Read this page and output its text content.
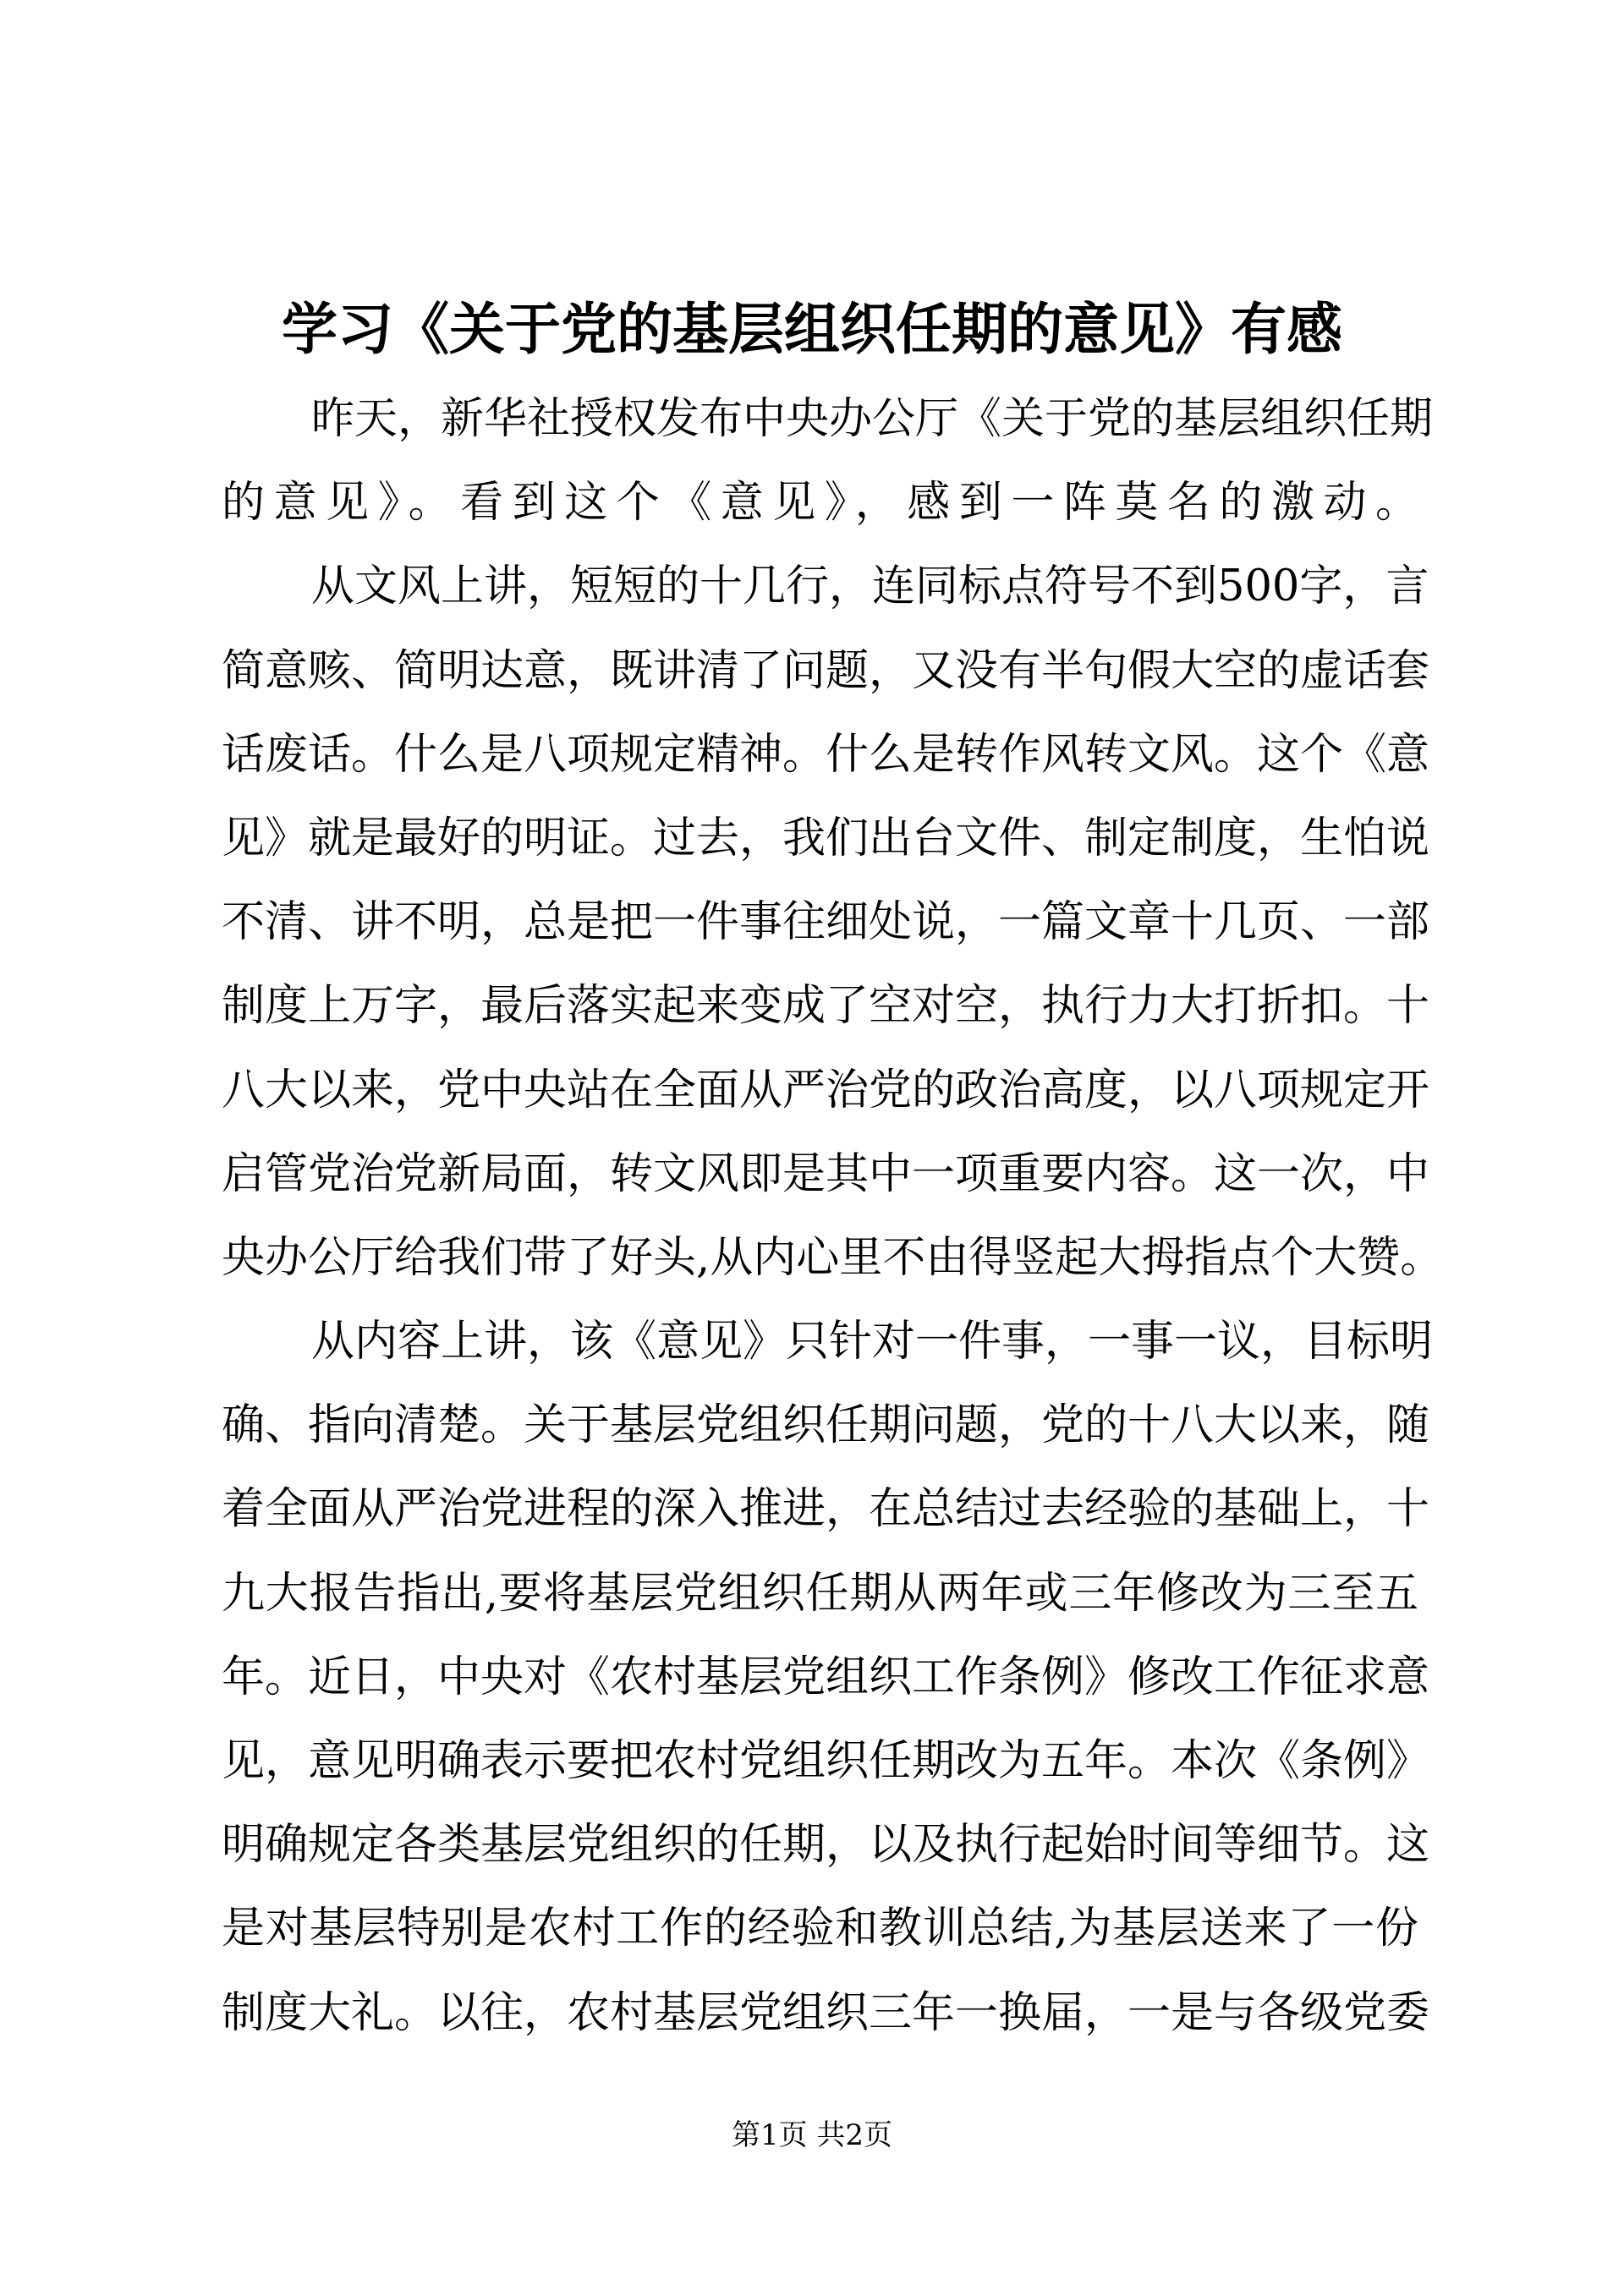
学习《关于党的基层组织任期的意见》有感
昨天，新华社授权发布中央办公厅《关于党的基层组织任期
的意见》。看到这个《意见》，感到一阵莫名的激动。
从文风上讲，短短的十几行，连同标点符号不到500字，言
简意赅、简明达意，既讲清了问题，又没有半句假大空的虚话套
话废话。什么是八项规定精神。什么是转作风转文风。这个《意
见》就是最好的明证。过去，我们出台文件、制定制度，生怕说
不清、讲不明，总是把一件事往细处说，一篇文章十几页、一部
制度上万字，最后落实起来变成了空对空，执行力大打折扣。十
八大以来，党中央站在全面从严治党的政治高度，以八项规定开
启管党治党新局面，转文风即是其中一项重要内容。这一次，中
央办公厅给我们带了好头,从内心里不由得竖起大拇指点个大赞。
从内容上讲，该《意见》只针对一件事，一事一议，目标明
确、指向清楚。关于基层党组织任期问题，党的十八大以来，随
着全面从严治党进程的深入推进，在总结过去经验的基础上，十
九大报告指出,要将基层党组织任期从两年或三年修改为三至五
年。近日，中央对《农村基层党组织工作条例》修改工作征求意
见，意见明确表示要把农村党组织任期改为五年。本次《条例》
明确规定各类基层党组织的任期，以及执行起始时间等细节。这
是对基层特别是农村工作的经验和教训总结,为基层送来了一份
制度大礼。以往，农村基层党组织三年一换届，一是与各级党委
第1页 共2页
